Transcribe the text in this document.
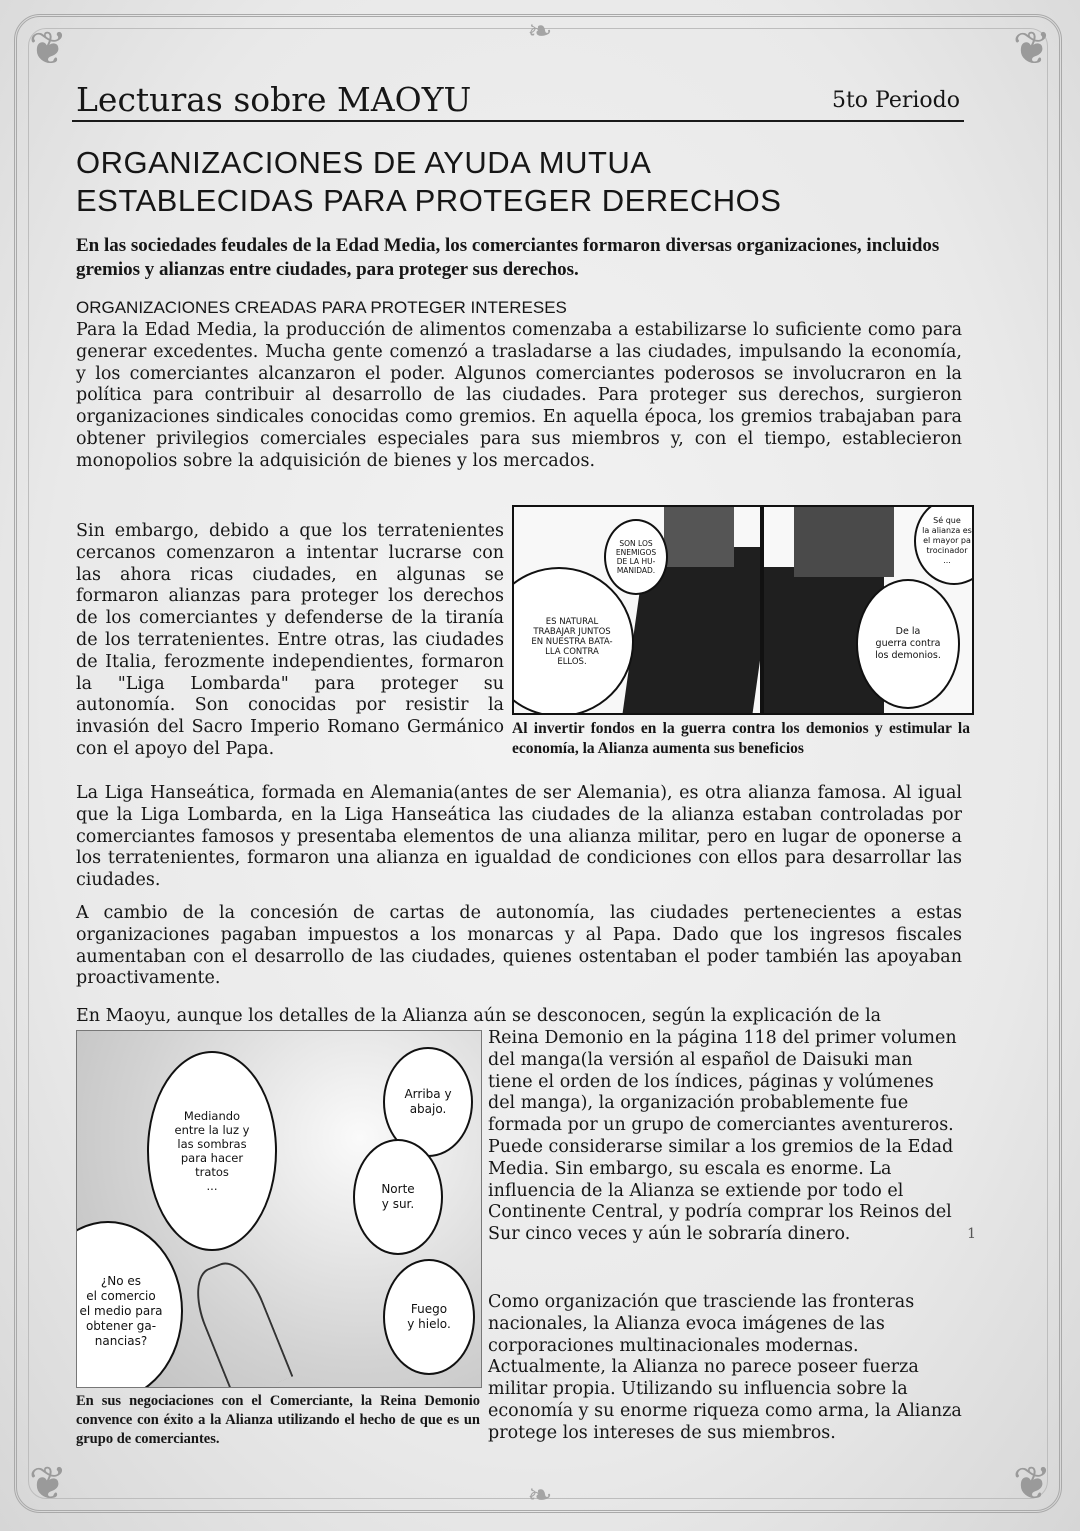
❦	❦
❦	❦
❧
❧
Lecturas sobre MAOYU	5to Periodo
ORGANIZACIONES DE AYUDA MUTUA
ESTABLECIDAS PARA PROTEGER DERECHOS
En las sociedades feudales de la Edad Media, los comerciantes formaron diversas organizaciones, incluidos gremios y alianzas entre ciudades, para proteger sus derechos.
ORGANIZACIONES CREADAS PARA PROTEGER INTERESES
Para la Edad Media, la producción de alimentos comenzaba a estabilizarse lo suficiente como para generar excedentes. Mucha gente comenzó a trasladarse a las ciudades, impulsando la economía, y los comerciantes alcanzaron el poder. Algunos comerciantes poderosos se involucraron en la política para contribuir al desarrollo de las ciudades. Para proteger sus derechos, surgieron organizaciones sindicales conocidas como gremios. En aquella época, los gremios trabajaban para obtener privilegios comerciales especiales para sus miembros y, con el tiempo, establecieron monopolios sobre la adquisición de bienes y los mercados.
Sin embargo, debido a que los terratenientes cercanos comenzaron a intentar lucrarse con las ahora ricas ciudades, en algunas se formaron alianzas para proteger los derechos de los comerciantes y defenderse de la tiranía de los terratenientes. Entre otras, las ciudades de Italia, ferozmente independientes, formaron la "Liga Lombarda" para proteger su autonomía. Son conocidas por resistir la invasión del Sacro Imperio Romano Germánico con el apoyo del Papa.
SON LOS
ENEMIGOS
DE LA HU-
MANIDAD.
ES NATURAL
TRABAJAR JUNTOS
EN NUESTRA BATA-
LLA CONTRA
ELLOS.
Sé que
la alianza es
el mayor pa
trocinador
...
De la
guerra contra
los demonios.
Al invertir fondos en la guerra contra los demonios y estimular la economía, la Alianza aumenta sus beneficios
La Liga Hanseática, formada en Alemania(antes de ser Alemania), es otra alianza famosa. Al igual que la Liga Lombarda, en la Liga Hanseática las ciudades de la alianza estaban controladas por comerciantes famosos y presentaba elementos de una alianza militar, pero en lugar de oponerse a los terratenientes, formaron una alianza en igualdad de condiciones con ellos para desarrollar las ciudades.
A cambio de la concesión de cartas de autonomía, las ciudades pertenecientes a estas organizaciones pagaban impuestos a los monarcas y al Papa. Dado que los ingresos fiscales aumentaban con el desarrollo de las ciudades, quienes ostentaban el poder también las apoyaban proactivamente.
En Maoyu, aunque los detalles de la Alianza aún se desconocen, según la explicación de la
Mediando
entre la luz y
las sombras
para hacer
tratos
...
Arriba y
abajo.
Norte
y sur.
¿No es
el comercio
el medio para
obtener ga-
nancias?
Fuego
y hielo.
En sus negociaciones con el Comerciante, la Reina Demonio convence con éxito a la Alianza utilizando el hecho de que es un grupo de comerciantes.
Reina Demonio en la página 118 del primer volumen del manga(la versión al español de Daisuki man tiene el orden de los índices, páginas y volúmenes del manga), la organización probablemente fue formada por un grupo de comerciantes aventureros. Puede considerarse similar a los gremios de la Edad Media. Sin embargo, su escala es enorme. La influencia de la Alianza se extiende por todo el Continente Central, y podría comprar los Reinos del Sur cinco veces y aún le sobraría dinero.
Como organización que trasciende las fronteras nacionales, la Alianza evoca imágenes de las corporaciones multinacionales modernas. Actualmente, la Alianza no parece poseer fuerza militar propia. Utilizando su influencia sobre la economía y su enorme riqueza como arma, la Alianza protege los intereses de sus miembros.
1
